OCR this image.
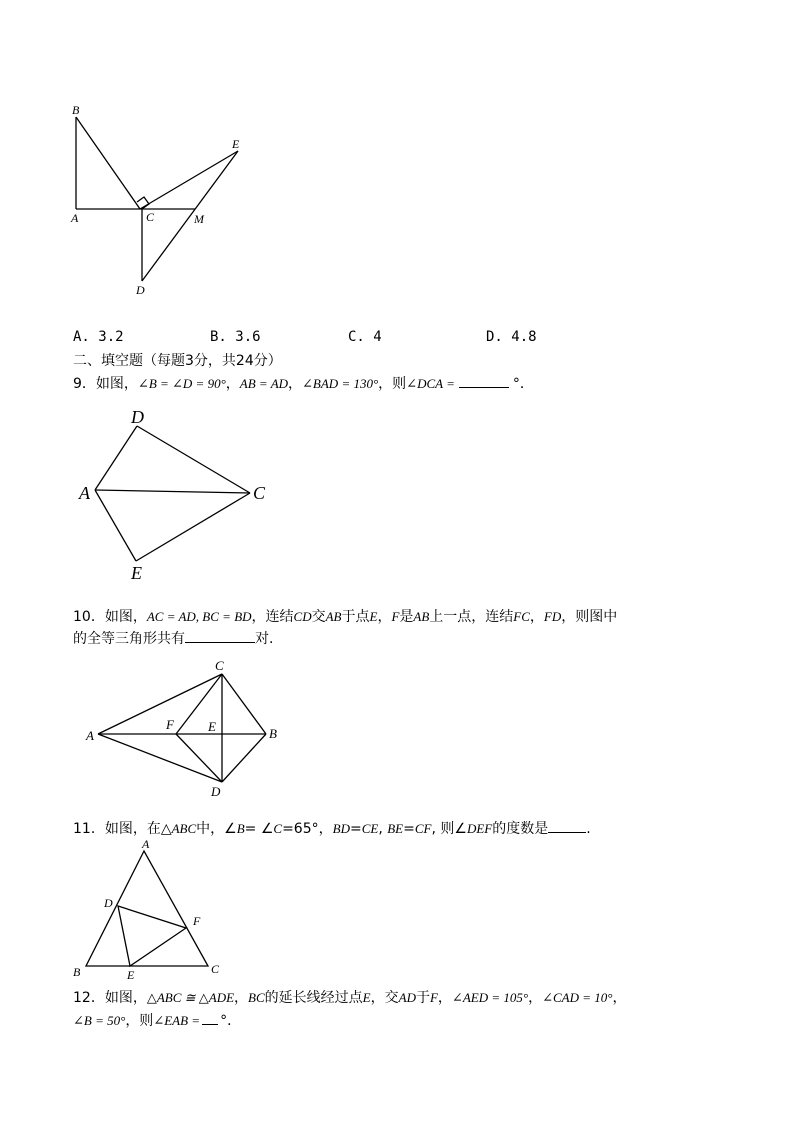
B
A	C	M
E
D
A. 3.2	B. 3.6	C. 4	D. 4.8
二、填空题（每题3分，共24分）
9．如图，∠B = ∠D = 90°，AB = AD，∠BAD = 130°，则∠DCA =	°．
D
A	C
E
10．如图，AC = AD, BC = BD，连结CD交AB于点E，F是AB上一点，连结FC，FD，则图中
的全等三角形共有	对.
C
A
F	E	B
D
11．如图，在△ABC中，∠B= ∠C=65°，BD=CE, BE=CF, 则∠DEF的度数是	.
A
D
F
B	E	C
12．如图，△ABC ≅ △ADE，BC的延长线经过点E，交AD于F，∠AED = 105°，∠CAD = 10°，
∠B = 50°，则∠EAB = °．
